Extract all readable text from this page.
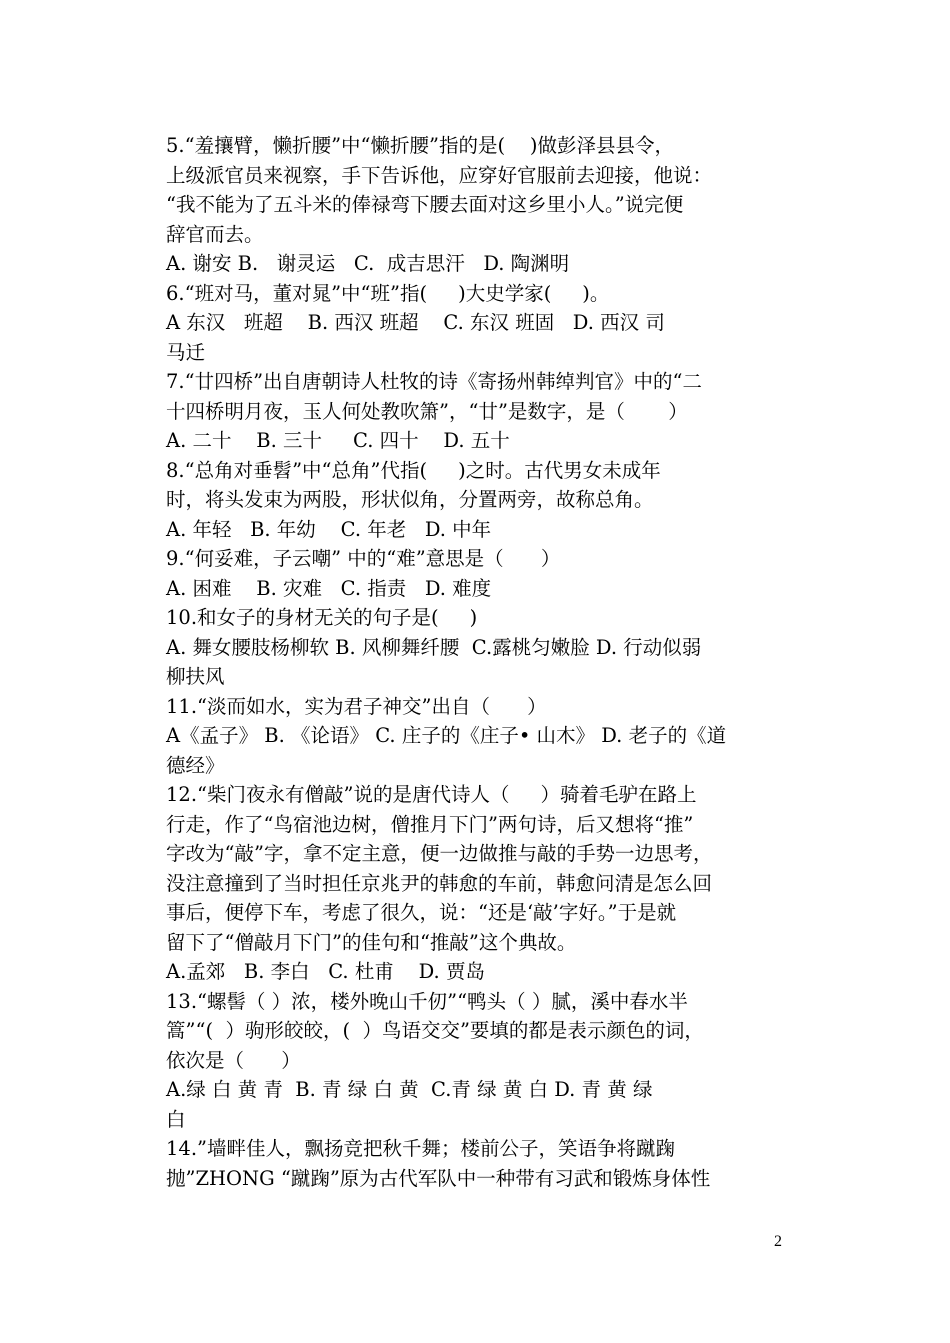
5.“羞攘臂，懒折腰”中“懒折腰”指的是(    )做彭泽县县令，
上级派官员来视察，手下告诉他，应穿好官服前去迎接，他说：
“我不能为了五斗米的俸禄弯下腰去面对这乡里小人。”说完便
辞官而去。
A. 谢安 B.   谢灵运   C.  成吉思汗   D. 陶渊明
6.“班对马，董对晁”中“班”指(     )大史学家(     )。
A 东汉   班超    B. 西汉 班超    C. 东汉 班固   D. 西汉 司
马迁
7.“廿四桥”出自唐朝诗人杜牧的诗《寄扬州韩绰判官》中的“二
十四桥明月夜，玉人何处教吹箫”，“廿”是数字，是（       ）
A. 二十    B. 三十     C. 四十    D. 五十
8.“总角对垂髫”中“总角”代指(     )之时。古代男女未成年
时，将头发束为两股，形状似角，分置两旁，故称总角。
A. 年轻   B. 年幼    C. 年老   D. 中年
9.“何妥难，子云嘲” 中的“难”意思是（      ）
A. 困难    B. 灾难   C. 指责   D. 难度
10.和女子的身材无关的句子是(     )
A. 舞女腰肢杨柳软 B. 风柳舞纤腰  C.露桃匀嫩脸 D. 行动似弱
柳扶风
11.“淡而如水，实为君子神交”出自（      ）
A《孟子》 B. 《论语》 C. 庄子的《庄子• 山木》 D. 老子的《道
德经》
12.“柴门夜永有僧敲”说的是唐代诗人（     ）骑着毛驴在路上
行走，作了“鸟宿池边树，僧推月下门”两句诗，后又想将“推”
字改为“敲”字，拿不定主意，便一边做推与敲的手势一边思考，
没注意撞到了当时担任京兆尹的韩愈的车前，韩愈问清是怎么回
事后，便停下车，考虑了很久，说：“还是‘敲’字好。”于是就
留下了“僧敲月下门”的佳句和“推敲”这个典故。
A.孟郊   B. 李白   C. 杜甫    D. 贾岛
13.“螺髻（ ）浓，楼外晚山千仞”“鸭头（ ）腻，溪中春水半
篙”“(  ）驹形皎皎，(  ）鸟语交交”要填的都是表示颜色的词，
依次是（      ）
A.绿 白 黄 青  B. 青 绿 白 黄  C.青 绿 黄 白 D. 青 黄 绿
白
14.”墙畔佳人，飘扬竞把秋千舞；楼前公子，笑语争将蹴踘
抛”ZHONG “蹴踘”原为古代军队中一种带有习武和锻炼身体性
2
